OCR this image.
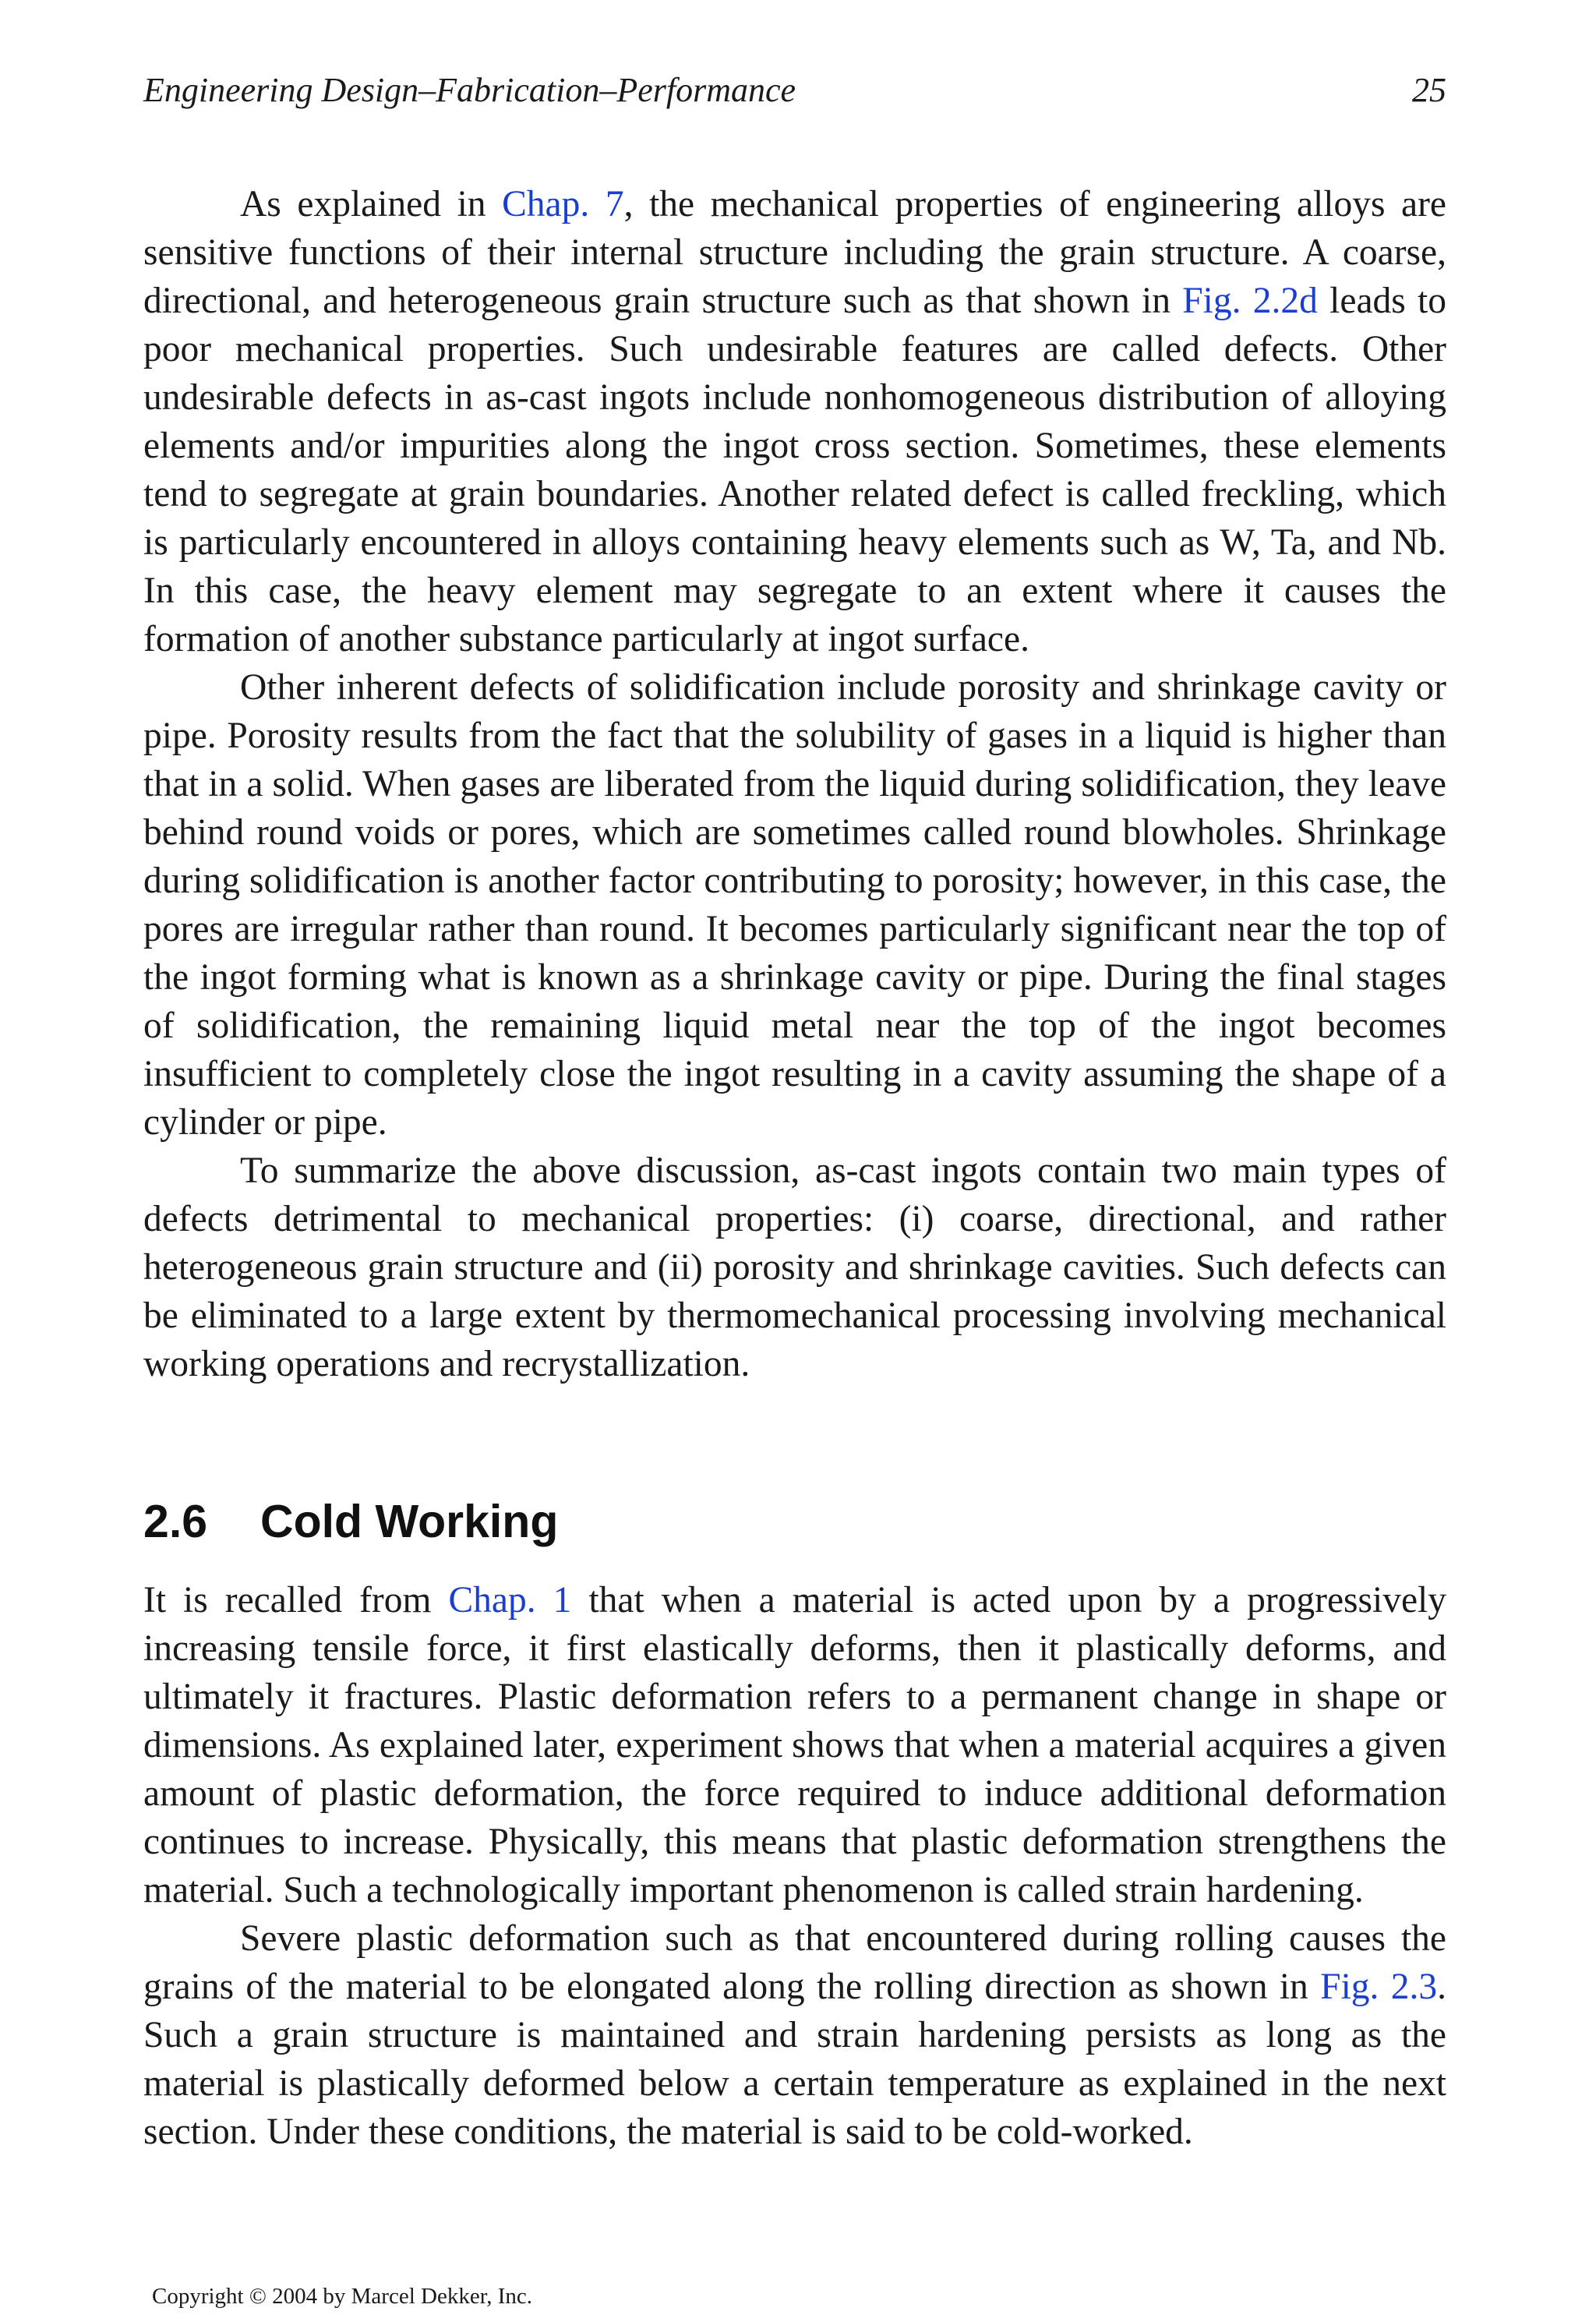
Engineering Design–Fabrication–Performance	25

As explained in Chap. 7, the mechanical properties of engineering alloys are sensitive functions of their internal structure including the grain structure. A coarse, directional, and heterogeneous grain structure such as that shown in Fig. 2.2d leads to poor mechanical properties. Such undesirable features are called defects. Other undesirable defects in as-cast ingots include nonhomogeneous distribution of alloying elements and/or impurities along the ingot cross section. Sometimes, these elements tend to segregate at grain boundaries. Another related defect is called freckling, which is particularly encountered in alloys containing heavy elements such as W, Ta, and Nb. In this case, the heavy element may segregate to an extent where it causes the formation of another substance particularly at ingot surface.

Other inherent defects of solidification include porosity and shrinkage cavity or pipe. Porosity results from the fact that the solubility of gases in a liquid is higher than that in a solid. When gases are liberated from the liquid during solidification, they leave behind round voids or pores, which are sometimes called round blowholes. Shrinkage during solidification is another factor contributing to porosity; however, in this case, the pores are irregular rather than round. It becomes particularly significant near the top of the ingot forming what is known as a shrinkage cavity or pipe. During the final stages of solidification, the remaining liquid metal near the top of the ingot becomes insufficient to completely close the ingot resulting in a cavity assuming the shape of a cylinder or pipe.

To summarize the above discussion, as-cast ingots contain two main types of defects detrimental to mechanical properties: (i) coarse, directional, and rather heterogeneous grain structure and (ii) porosity and shrinkage cavities. Such defects can be eliminated to a large extent by thermomechanical processing involving mechanical working operations and recrystallization.

2.6 Cold Working

It is recalled from Chap. 1 that when a material is acted upon by a progressively increasing tensile force, it first elastically deforms, then it plastically deforms, and ultimately it fractures. Plastic deformation refers to a permanent change in shape or dimensions. As explained later, experiment shows that when a material acquires a given amount of plastic deformation, the force required to induce additional deformation continues to increase. Physically, this means that plastic deformation strengthens the material. Such a technologically important phenomenon is called strain hardening.

Severe plastic deformation such as that encountered during rolling causes the grains of the material to be elongated along the rolling direction as shown in Fig. 2.3. Such a grain structure is maintained and strain hardening persists as long as the material is plastically deformed below a certain temperature as explained in the next section. Under these conditions, the material is said to be cold-worked.

Copyright © 2004 by Marcel Dekker, Inc.
